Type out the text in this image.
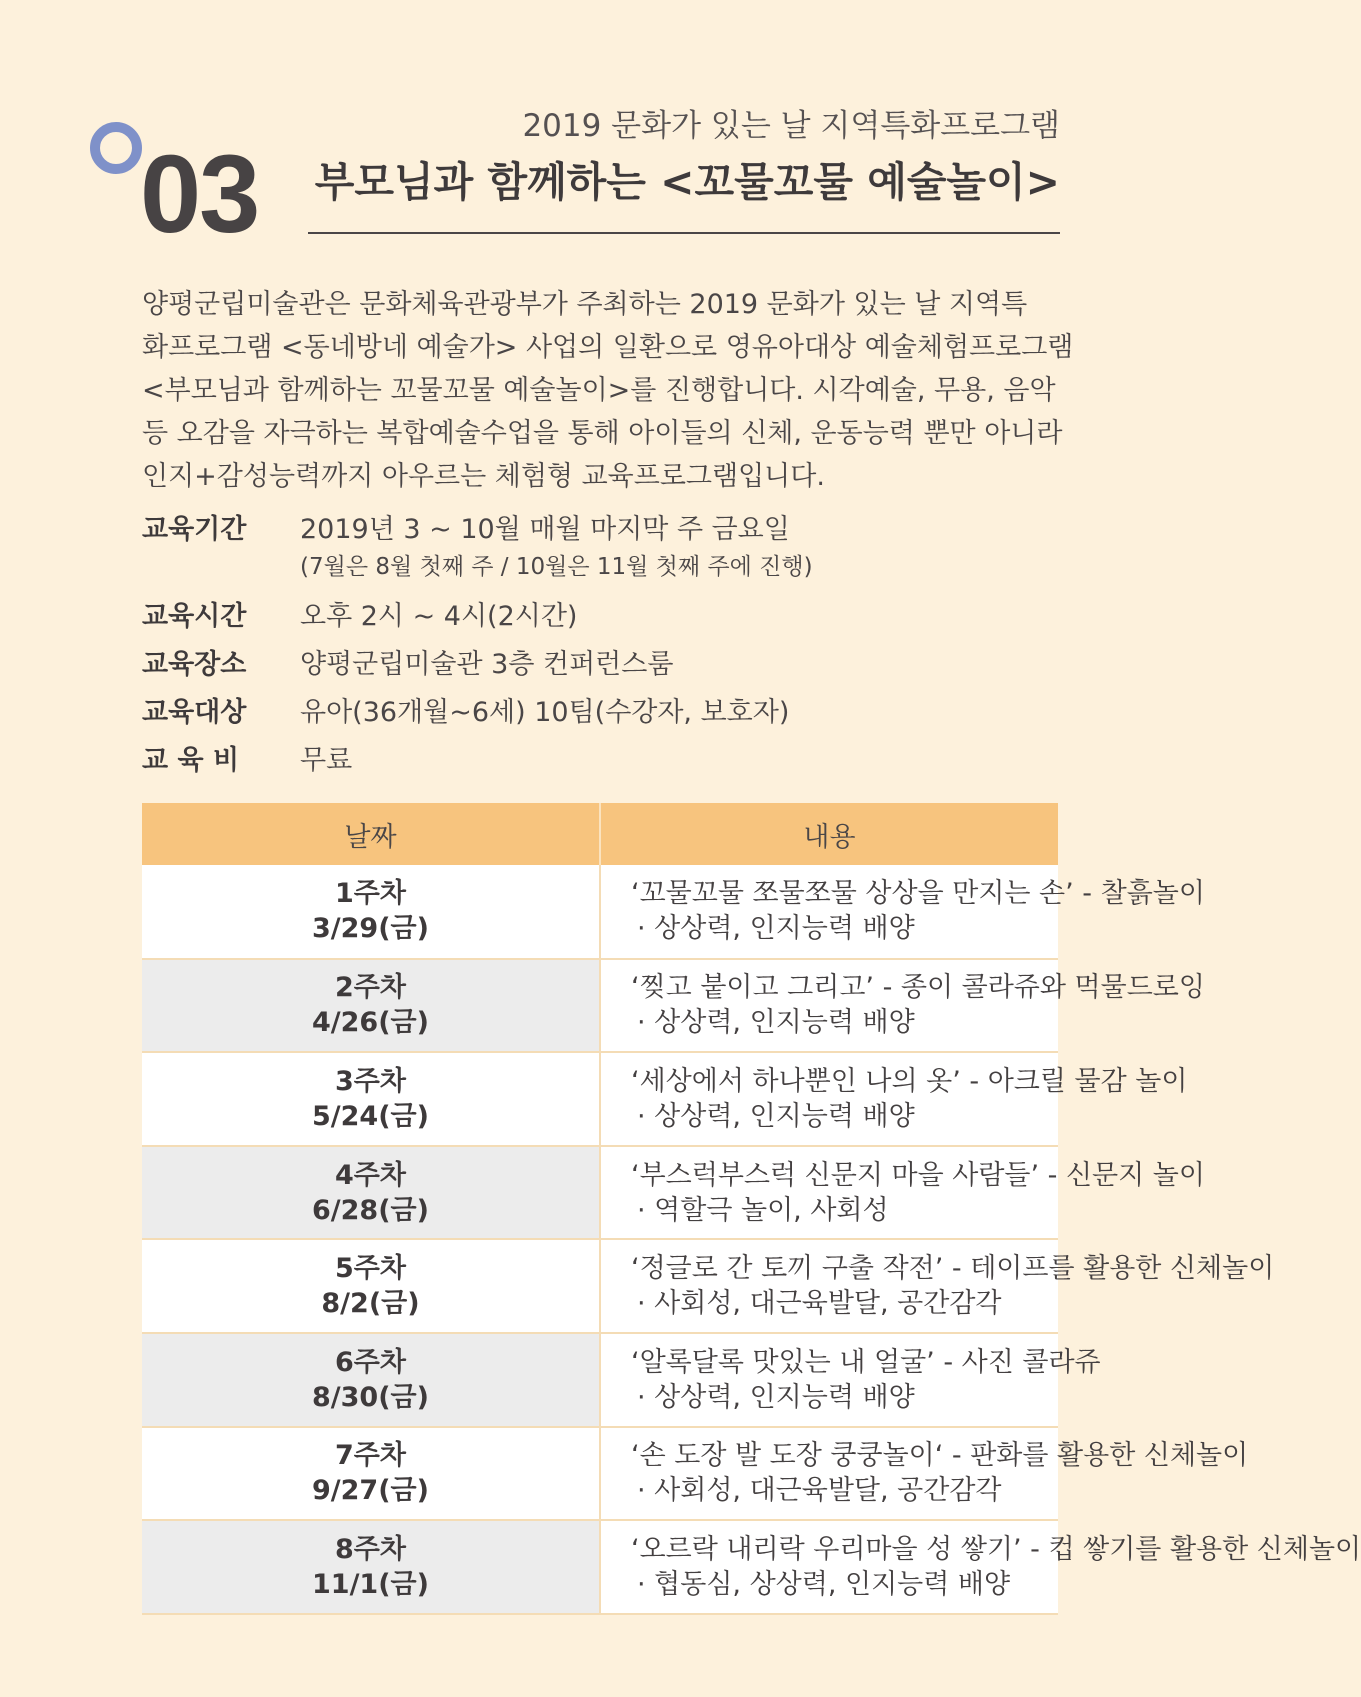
03
2019 문화가 있는 날 지역특화프로그램
부모님과 함께하는 <꼬물꼬물 예술놀이>
양평군립미술관은 문화체육관광부가 주최하는 2019 문화가 있는 날 지역특
화프로그램 <동네방네 예술가> 사업의 일환으로 영유아대상 예술체험프로그램
<부모님과 함께하는 꼬물꼬물 예술놀이>를 진행합니다. 시각예술, 무용, 음악
등 오감을 자극하는 복합예술수업을 통해 아이들의 신체, 운동능력 뿐만 아니라
인지+감성능력까지 아우르는 체험형 교육프로그램입니다.
교육기간	2019년 3 ~ 10월 매월 마지막 주 금요일
(7월은 8월 첫째 주 / 10월은 11월 첫째 주에 진행)
교육시간	오후 2시 ~ 4시(2시간)
교육장소	양평군립미술관 3층 컨퍼런스룸
교육대상	유아(36개월~6세) 10팀(수강자, 보호자)
교 육 비	무료
날짜	내용

1주차
3/29(금)	‘꼬물꼬물 쪼물쪼물 상상을 만지는 손’ - 찰흙놀이
· 상상력, 인지능력 배양

2주차
4/26(금)	‘찢고 붙이고 그리고’ - 종이 콜라쥬와 먹물드로잉
· 상상력, 인지능력 배양

3주차
5/24(금)	‘세상에서 하나뿐인 나의 옷’ - 아크릴 물감 놀이
· 상상력, 인지능력 배양

4주차
6/28(금)	‘부스럭부스럭 신문지 마을 사람들’ - 신문지 놀이
· 역할극 놀이, 사회성

5주차
8/2(금)	‘정글로 간 토끼 구출 작전’ - 테이프를 활용한 신체놀이
· 사회성, 대근육발달, 공간감각

6주차
8/30(금)	‘알록달록 맛있는 내 얼굴’ - 사진 콜라쥬
· 상상력, 인지능력 배양

7주차
9/27(금)	‘손 도장 발 도장 쿵쿵놀이‘ - 판화를 활용한 신체놀이
· 사회성, 대근육발달, 공간감각

8주차
11/1(금)	‘오르락 내리락 우리마을 성 쌓기’ - 컵 쌓기를 활용한 신체놀이
· 협동심, 상상력, 인지능력 배양
